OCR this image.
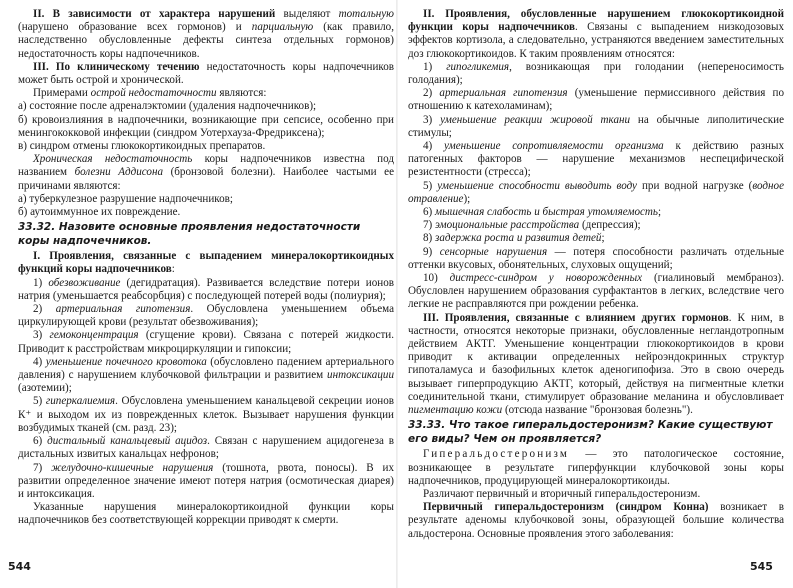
II. В зависимости от характера нарушений выделяют тотальную (нарушено образование всех гормонов) и парциальную (как правило, наследственно обусловленные дефекты синтеза отдельных гормонов) недостаточность коры надпочечников.

III. По клиническому течению недостаточность коры надпочечников может быть острой и хронической.

Примерами острой недостаточности являются:

а) состояние после адреналэктомии (удаления надпочечников);

б) кровоизлияния в надпочечники, возникающие при сепсисе, особенно при менингококковой инфекции (синдром Уотерхауза-Фредриксена);

в) синдром отмены глюкокортикоидных препаратов.

Хроническая недостаточность коры надпочечников известна под названием болезни Аддисона (бронзовой болезни). Наиболее частыми ее причинами являются:

а) туберкулезное разрушение надпочечников;

б) аутоиммунное их повреждение.

33.32. Назовите основные проявления недостаточности коры надпочечников.

I. Проявления, связанные с выпадением минералокортикоидных функций коры надпочечников:

1) обезвоживание (дегидратация). Развивается вследствие потери ионов натрия (уменьшается реабсорбция) с последующей потерей воды (полиурия);

2) артериальная гипотензия. Обусловлена уменьшением объема циркулирующей крови (результат обезвоживания);

3) гемоконцентрация (сгущение крови). Связана с потерей жидкости. Приводит к расстройствам микроциркуляции и гипоксии;

4) уменьшение почечного кровотока (обусловлено падением артериального давления) с нарушением клубочковой фильтрации и развитием интоксикации (азотемии);

5) гиперкалиемия. Обусловлена уменьшением канальцевой секреции ионов К⁺ и выходом их из поврежденных клеток. Вызывает нарушения функции возбудимых тканей (см. разд. 23);

6) дистальный канальцевый ацидоз. Связан с нарушением ацидогенеза в дистальных извитых канальцах нефронов;

7) желудочно-кишечные нарушения (тошнота, рвота, поносы). В их развитии определенное значение имеют потеря натрия (осмотическая диарея) и интоксикация.

Указанные нарушения минералокортикоидной функции коры надпочечников без соответствующей коррекции приводят к смерти.

II. Проявления, обусловленные нарушением глюкокортикоидной функции коры надпочечников. Связаны с выпадением низкодозовых эффектов кортизола, а следовательно, устраняются введением заместительных доз глюкокортикоидов. К таким проявлениям относятся:

1) гипогликемия, возникающая при голодании (непереносимость голодания);

2) артериальная гипотензия (уменьшение пермиссивного действия по отношению к катехоламинам);

3) уменьшение реакции жировой ткани на обычные липолитические стимулы;

4) уменьшение сопротивляемости организма к действию разных патогенных факторов — нарушение механизмов неспецифической резистентности (стресса);

5) уменьшение способности выводить воду при водной нагрузке (водное отравление);

6) мышечная слабость и быстрая утомляемость;

7) эмоциональные расстройства (депрессия);

8) задержка роста и развития детей;

9) сенсорные нарушения — потеря способности различать отдельные оттенки вкусовых, обонятельных, слуховых ощущений;

10) дистресс-синдром у новорожденных (гиалиновый мембраноз). Обусловлен нарушением образования сурфактантов в легких, вследствие чего легкие не расправляются при рождении ребенка.

III. Проявления, связанные с влиянием других гормонов. К ним, в частности, относятся некоторые признаки, обусловленные негландотропным действием АКТГ. Уменьшение концентрации глюкокортикоидов в крови приводит к активации определенных нейроэндокринных структур гипоталамуса и базофильных клеток аденогипофиза. Это в свою очередь вызывает гиперпродукцию АКТГ, который, действуя на пигментные клетки соединительной ткани, стимулирует образование меланина и обусловливает пигментацию кожи (отсюда название "бронзовая болезнь").

33.33. Что такое гиперальдостеронизм? Какие существуют его виды? Чем он проявляется?

Гиперальдостеронизм — это патологическое состояние, возникающее в результате гиперфункции клубочковой зоны коры надпочечников, продуцирующей минералокортикоиды.

Различают первичный и вторичный гиперальдостеронизм.

Первичный гиперальдостеронизм (синдром Конна) возникает в результате аденомы клубочковой зоны, образующей большие количества альдостерона. Основные проявления этого заболевания:

544	545
